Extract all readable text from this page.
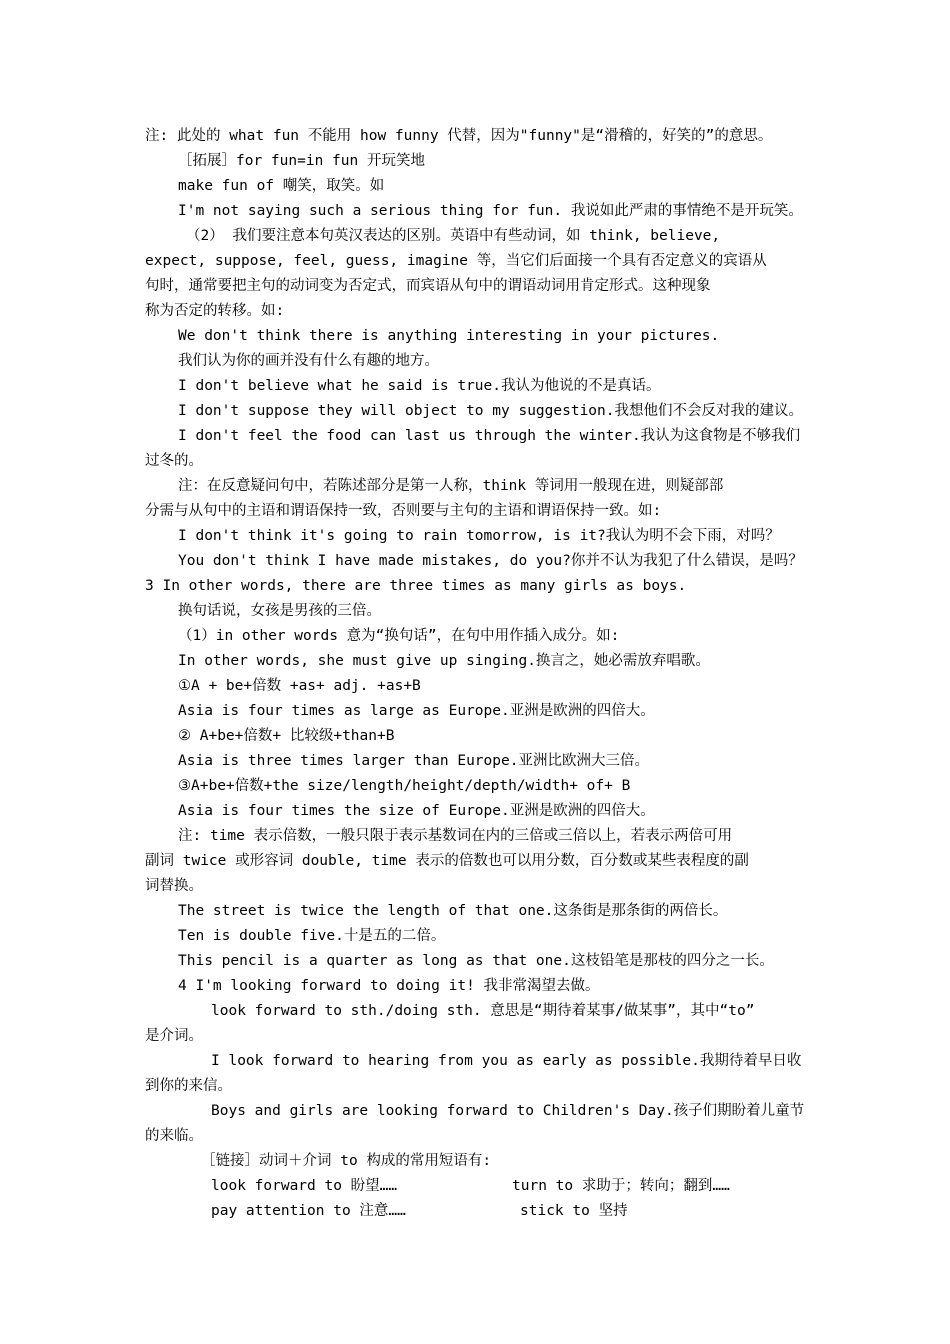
注: 此处的 what fun 不能用 how funny 代替，因为"funny"是“滑稽的，好笑的”的意思。
［拓展］for fun=in fun 开玩笑地
make fun of 嘲笑，取笑。如
I'm not saying such a serious thing for fun. 我说如此严肃的事情绝不是开玩笑。
（2） 我们要注意本句英汉表达的区别。英语中有些动词，如 think, believe,
expect, suppose, feel, guess, imagine 等，当它们后面接一个具有否定意义的宾语从
句时，通常要把主句的动词变为否定式，而宾语从句中的谓语动词用肯定形式。这种现象
称为否定的转移。如:
We don't think there is anything interesting in your pictures.
我们认为你的画并没有什么有趣的地方。
I don't believe what he said is true.我认为他说的不是真话。
I don't suppose they will object to my suggestion.我想他们不会反对我的建议。
I don't feel the food can last us through the winter.我认为这食物是不够我们
过冬的。
注：在反意疑问句中，若陈述部分是第一人称，think 等词用一般现在进，则疑部部
分需与从句中的主语和谓语保持一致，否则要与主句的主语和谓语保持一致。如:
I don't think it's going to rain tomorrow, is it?我认为明不会下雨，对吗？
You don't think I have made mistakes, do you?你并不认为我犯了什么错误，是吗？
3 In other words, there are three times as many girls as boys.
换句话说，女孩是男孩的三倍。
（1）in other words 意为“换句话”，在句中用作插入成分。如:
In other words, she must give up singing.换言之，她必需放弃唱歌。
①A + be+倍数 +as+ adj. +as+B
Asia is four times as large as Europe.亚洲是欧洲的四倍大。
② A+be+倍数+ 比较级+than+B
Asia is three times larger than Europe.亚洲比欧洲大三倍。
③A+be+倍数+the size/length/height/depth/width+ of+ B
Asia is four times the size of Europe.亚洲是欧洲的四倍大。
注: time 表示倍数，一般只限于表示基数词在内的三倍或三倍以上，若表示两倍可用
副词 twice 或形容词 double, time 表示的倍数也可以用分数，百分数或某些表程度的副
词替换。
The street is twice the length of that one.这条街是那条街的两倍长。
Ten is double five.十是五的二倍。
This pencil is a quarter as long as that one.这枝铅笔是那枝的四分之一长。
4 I'm looking forward to doing it! 我非常渴望去做。
look forward to sth./doing sth. 意思是“期待着某事/做某事”，其中“to”
是介词。
I look forward to hearing from you as early as possible.我期待着早日收
到你的来信。
Boys and girls are looking forward to Children's Day.孩子们期盼着儿童节
的来临。
［链接］动词＋介词 to 构成的常用短语有:
look forward to 盼望……	turn to 求助于；转向；翻到……
pay attention to 注意……	stick to 坚持
